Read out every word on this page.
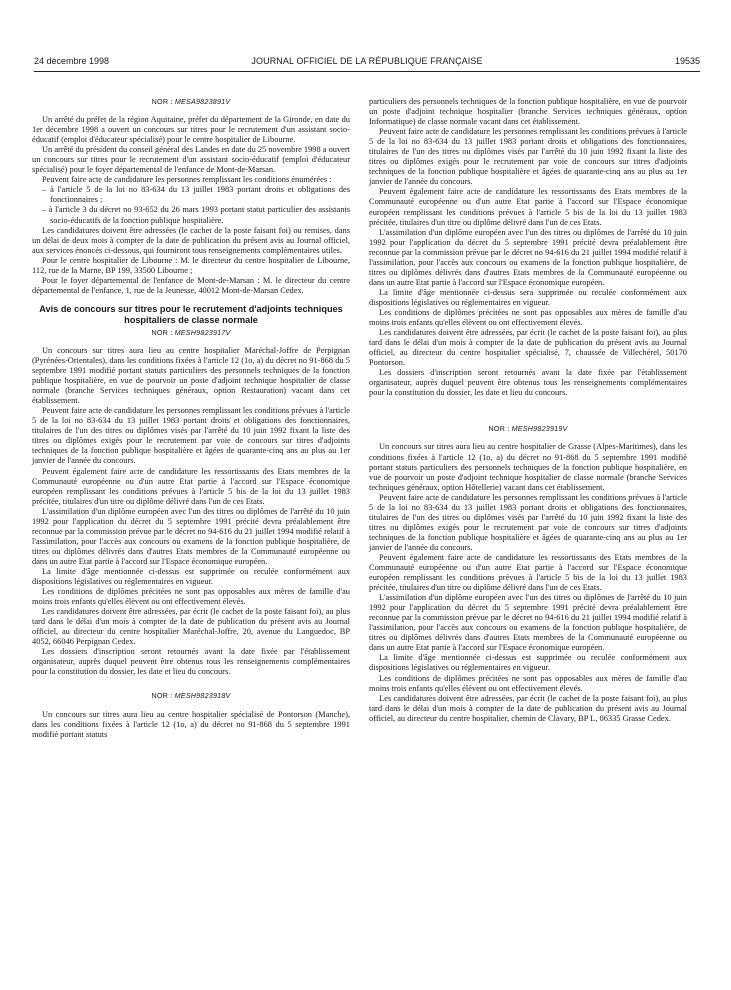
24 décembre 1998	JOURNAL OFFICIEL DE LA RÉPUBLIQUE FRANÇAISE	19535
NOR : MESA9823891V

Un arrêté du préfet de la région Aquitaine, préfet du département de la Gironde, en date du 1er décembre 1998 a ouvert un concours sur titres pour le recrutement d'un assistant socio-éducatif (emploi d'éducateur spécialisé) pour le centre hospitalier de Libourne.

Un arrêté du président du conseil général des Landes en date du 25 novembre 1998 a ouvert un concours sur titres pour le recrutement d'un assistant socio-éducatif (emploi d'éducateur spécialisé) pour le foyer départemental de l'enfance de Mont-de-Marsan.

Peuvent faire acte de candidature les personnes remplissant les conditions énumérées :

– à l'article 5 de la loi no 83-634 du 13 juillet 1983 portant droits et obligations des fonctionnaires ;

– à l'article 3 du décret no 93-652 du 26 mars 1993 portant statut particulier des assistants socio-éducatifs de la fonction publique hospitalière.

Les candidatures doivent être adressées (le cachet de la poste faisant foi) ou remises, dans un délai de deux mois à compter de la date de publication du présent avis au Journal officiel, aux services énoncés ci-dessous, qui fourniront tous renseignements complémentaires utiles.

Pour le centre hospitalier de Libourne : M. le directeur du centre hospitalier de Libourne, 112, rue de la Marne, BP 199, 33500 Libourne ;

Pour le foyer départemental de l'enfance de Mont-de-Marsan : M. le directeur du centre départemental de l'enfance, 1, rue de la Jeunesse, 40012 Mont-de-Marsan Cedex.

Avis de concours sur titres pour le recrutement d'adjoints techniques hospitaliers de classe normale
NOR : MESH9823917V

Un concours sur titres aura lieu au centre hospitalier Maréchal-Joffre de Perpignan (Pyrénées-Orientales), dans les conditions fixées à l'article 12 (1o, a) du décret no 91-868 du 5 septembre 1991 modifié portant statuts particuliers des personnels techniques de la fonction publique hospitalière, en vue de pourvoir un poste d'adjoint technique hospitalier de classe normale (branche Services techniques généraux, option Restauration) vacant dans cet établissement.

Peuvent faire acte de candidature les personnes remplissant les conditions prévues à l'article 5 de la loi no 83-634 du 13 juillet 1983 portant droits et obligations des fonctionnaires, titulaires de l'un des titres ou diplômes visés par l'arrêté du 10 juin 1992 fixant la liste des titres ou diplômes exigés pour le recrutement par voie de concours sur titres d'adjoints techniques de la fonction publique hospitalière et âgées de quarante-cinq ans au plus au 1er janvier de l'année du concours.

Peuvent également faire acte de candidature les ressortissants des Etats membres de la Communauté européenne ou d'un autre Etat partie à l'accord sur l'Espace économique européen remplissant les conditions prévues à l'article 5 bis de la loi du 13 juillet 1983 précitée, titulaires d'un titre ou diplôme délivré dans l'un de ces Etats.

L'assimilation d'un diplôme européen avec l'un des titres ou diplômes de l'arrêté du 10 juin 1992 pour l'application du décret du 5 septembre 1991 précité devra préalablement être reconnue par la commission prévue par le décret no 94-616 du 21 juillet 1994 modifié relatif à l'assimilation, pour l'accès aux concours ou examens de la fonction publique hospitalière, de titres ou diplômes délivrés dans d'autres Etats membres de la Communauté européenne ou dans un autre Etat partie à l'accord sur l'Espace économique européen.

La limite d'âge mentionnée ci-dessus est supprimée ou reculée conformément aux dispositions législatives ou réglementaires en vigueur.

Les conditions de diplômes précitées ne sont pas opposables aux mères de famille d'au moins trois enfants qu'elles élèvent ou ont effectivement élevés.

Les candidatures doivent être adressées, par écrit (le cachet de la poste faisant foi), au plus tard dans le délai d'un mois à compter de la date de publication du présent avis au Journal officiel, au directeur du centre hospitalier Maréchal-Joffre, 20, avenue du Languedoc, BP 4052, 66046 Perpignan Cedex.

Les dossiers d'inscription seront retournés avant la date fixée par l'établissement organisateur, auprès duquel peuvent être obtenus tous les renseignements complémentaires pour la constitution du dossier, les date et lieu du concours.

NOR : MESH9823918V

Un concours sur titres aura lieu au centre hospitalier spécialisé de Pontorson (Manche), dans les conditions fixées à l'article 12 (1o, a) du décret no 91-868 du 5 septembre 1991 modifié portant statuts

particuliers des personnels techniques de la fonction publique hospitalière, en vue de pourvoir un poste d'adjoint technique hospitalier (branche Services techniques généraux, option Informatique) de classe normale vacant dans cet établissement.

Peuvent faire acte de candidature les personnes remplissant les conditions prévues à l'article 5 de la loi no 83-634 du 13 juillet 1983 portant droits et obligations des fonctionnaires, titulaires de l'un des titres ou diplômes visés par l'arrêté du 10 juin 1992 fixant la liste des titres ou diplômes exigés pour le recrutement par voie de concours sur titres d'adjoints techniques de la fonction publique hospitalière et âgées de quarante-cinq ans au plus au 1er janvier de l'année du concours.

Peuvent également faire acte de candidature les ressortissants des Etats membres de la Communauté européenne ou d'un autre Etat partie à l'accord sur l'Espace économique européen remplissant les conditions prévues à l'article 5 bis de la loi du 13 juillet 1983 précitée, titulaires d'un titre ou diplôme délivré dans l'un de ces Etats.

L'assimilation d'un diplôme européen avec l'un des titres ou diplômes de l'arrêté du 10 juin 1992 pour l'application du décret du 5 septembre 1991 précité devra préalablement être reconnue par la commission prévue par le décret no 94-616 du 21 juillet 1994 modifié relatif à l'assimilation, pour l'accès aux concours ou examens de la fonction publique hospitalière, de titres ou diplômes délivrés dans d'autres Etats membres de la Communauté européenne ou dans un autre Etat partie à l'accord sur l'Espace économique européen.

La limite d'âge mentionnée ci-dessus sera supprimée ou reculée conformément aux dispositions législatives ou réglementaires en vigueur.

Les conditions de diplômes précitées ne sont pas opposables aux mères de famille d'au moins trois enfants qu'elles élèvent ou ont effectivement élevés.

Les candidatures doivent être adressées, par écrit (le cachet de la poste faisant foi), au plus tard dans le délai d'un mois à compter de la date de publication du présent avis au Journal officiel, au directeur du centre hospitalier spécialisé, 7, chaussée de Villechérel, 50170 Pontorson.

Les dossiers d'inscription seront retournés avant la date fixée par l'établissement organisateur, auprès duquel peuvent être obtenus tous les renseignements complémentaires pour la constitution du dossier, les date et lieu du concours.

NOR : MESH9823919V

Un concours sur titres aura lieu au centre hospitalier de Grasse (Alpes-Maritimes), dans les conditions fixées à l'article 12 (1o, a) du décret no 91-868 du 5 septembre 1991 modifié portant statuts particuliers des personnels techniques de la fonction publique hospitalière, en vue de pourvoir un poste d'adjoint technique hospitalier de classe normale (branche Services techniques généraux, option Hôtellerie) vacant dans cet établissement.

Peuvent faire acte de candidature les personnes remplissant les conditions prévues à l'article 5 de la loi no 83-634 du 13 juillet 1983 portant droits et obligations des fonctionnaires, titulaires de l'un des titres ou diplômes visés par l'arrêté du 10 juin 1992 fixant la liste des titres ou diplômes exigés pour le recrutement par voie de concours sur titres d'adjoints techniques de la fonction publique hospitalière et âgées de quarante-cinq ans au plus au 1er janvier de l'année du concours.

Peuvent également faire acte de candidature les ressortissants des Etats membres de la Communauté européenne ou d'un autre Etat partie à l'accord sur l'Espace économique européen remplissant les conditions prévues à l'article 5 bis de la loi du 13 juillet 1983 précitée, titulaires d'un titre ou diplôme délivré dans l'un de ces Etats.

L'assimilation d'un diplôme européen avec l'un des titres ou diplômes de l'arrêté du 10 juin 1992 pour l'application du décret du 5 septembre 1991 précité devra préalablement être reconnue par la commission prévue par le décret no 94-616 du 21 juillet 1994 modifié relatif à l'assimilation, pour l'accès aux concours ou examens de la fonction publique hospitalière, de titres ou diplômes délivrés dans d'autres Etats membres de la Communauté européenne ou dans un autre Etat partie à l'accord sur l'Espace économique européen.

La limite d'âge mentionnée ci-dessus est supprimée ou reculée conformément aux dispositions législatives ou réglementaires en vigueur.

Les conditions de diplômes précitées ne sont pas opposables aux mères de famille d'au moins trois enfants qu'elles élèvent ou ont effectivement élevés.

Les candidatures doivent être adressées, par écrit (le cachet de la poste faisant foi), au plus tard dans le délai d'un mois à compter de la date de publication du présent avis au Journal officiel, au directeur du centre hospitalier, chemin de Clavary, BP L, 06335 Grasse Cedex.
